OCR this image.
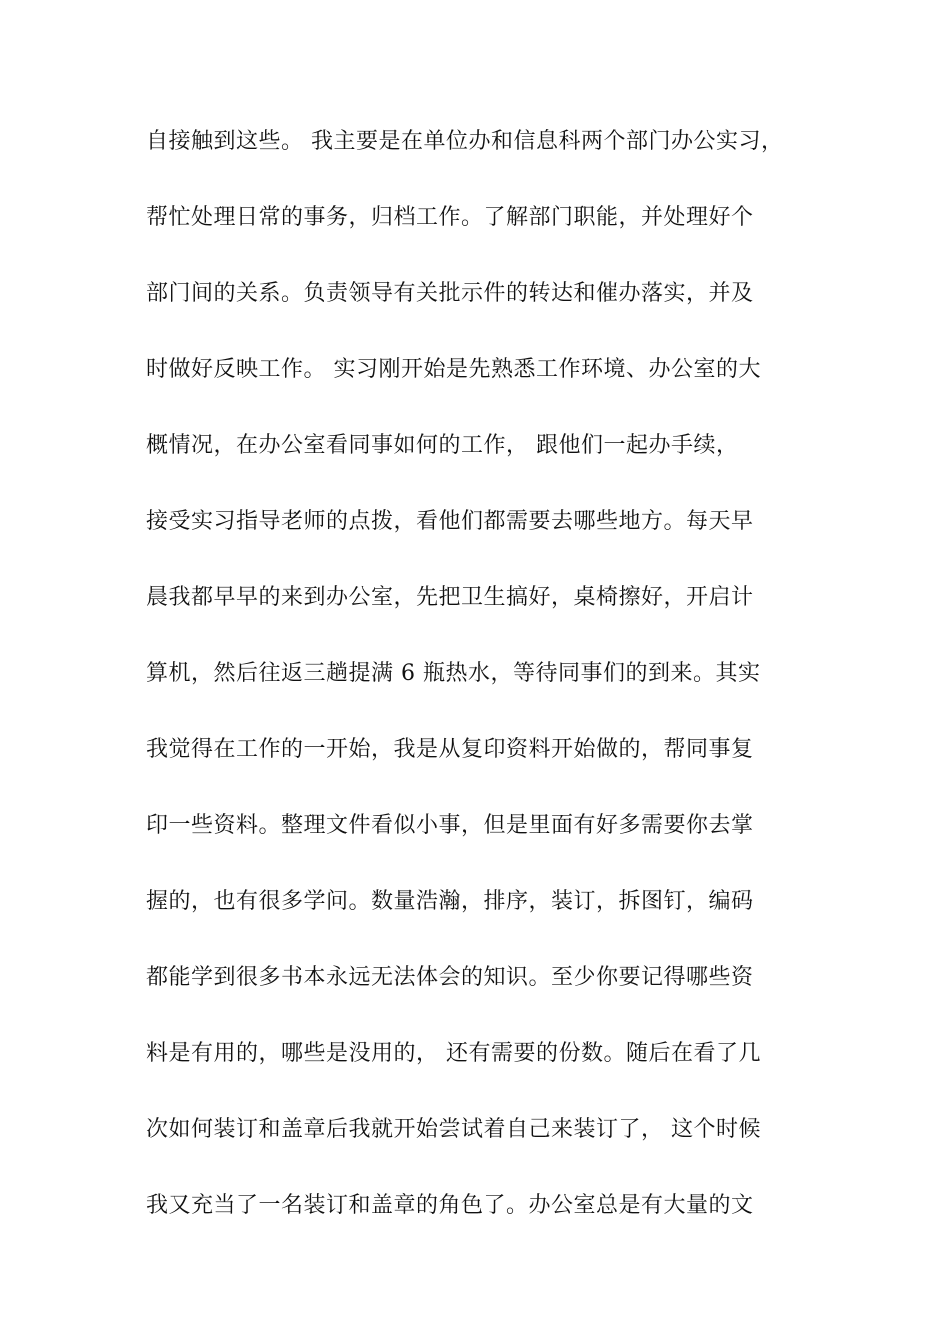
自接触到这些。 我主要是在单位办和信息科两个部门办公实习，
帮忙处理日常的事务，归档工作。了解部门职能，并处理好个
部门间的关系。负责领导有关批示件的转达和催办落实，并及
时做好反映工作。 实习刚开始是先熟悉工作环境、办公室的大
概情况，在办公室看同事如何的工作， 跟他们一起办手续，
接受实习指导老师的点拨，看他们都需要去哪些地方。每天早
晨我都早早的来到办公室，先把卫生搞好，桌椅擦好，开启计
算机，然后往返三趟提满 6 瓶热水，等待同事们的到来。其实
我觉得在工作的一开始，我是从复印资料开始做的，帮同事复
印一些资料。整理文件看似小事，但是里面有好多需要你去掌
握的，也有很多学问。数量浩瀚，排序，装订，拆图钉，编码
都能学到很多书本永远无法体会的知识。至少你要记得哪些资
料是有用的，哪些是没用的， 还有需要的份数。随后在看了几
次如何装订和盖章后我就开始尝试着自己来装订了， 这个时候
我又充当了一名装订和盖章的角色了。办公室总是有大量的文
